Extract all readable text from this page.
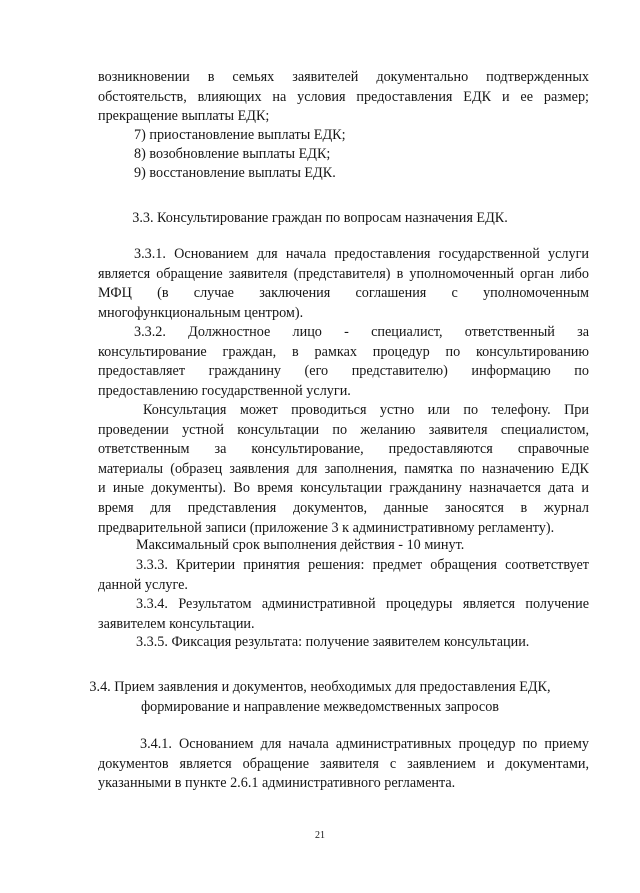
возникновении в семьях заявителей документально подтвержденных
обстоятельств, влияющих на условия предоставления ЕДК и ее размер;
прекращение выплаты ЕДК;

7) приостановление выплаты ЕДК;

8) возобновление выплаты ЕДК;

9) восстановление выплаты ЕДК.

3.3. Консультирование граждан по вопросам назначения ЕДК.

3.3.1. Основанием для начала предоставления государственной услуги
является обращение заявителя (представителя) в уполномоченный орган либо
МФЦ (в случае заключения соглашения с уполномоченным
многофункциональным центром).
3.3.2. Должностное лицо - специалист, ответственный за
консультирование граждан, в рамках процедур по консультированию
предоставляет гражданину (его представителю) информацию по
предоставлению государственной услуги.
Консультация может проводиться устно или по телефону. При
проведении устной консультации по желанию заявителя специалистом,
ответственным за консультирование, предоставляются справочные
материалы (образец заявления для заполнения, памятка по назначению ЕДК
и иные документы). Во время консультации гражданину назначается дата и
время для представления документов, данные заносятся в журнал
предварительной записи (приложение 3 к административному регламенту).

Максимальный срок выполнения действия - 10 минут.

3.3.3. Критерии принятия решения: предмет обращения соответствует
данной услуге.
3.3.4. Результатом административной процедуры является получение
заявителем консультации.

3.3.5. Фиксация результата: получение заявителем консультации.

3.4. Прием заявления и документов, необходимых для предоставления ЕДК,
формирование и направление межведомственных запросов
3.4.1. Основанием для начала административных процедур по приему
документов является обращение заявителя с заявлением и документами,
указанными в пункте 2.6.1 административного регламента.

21
